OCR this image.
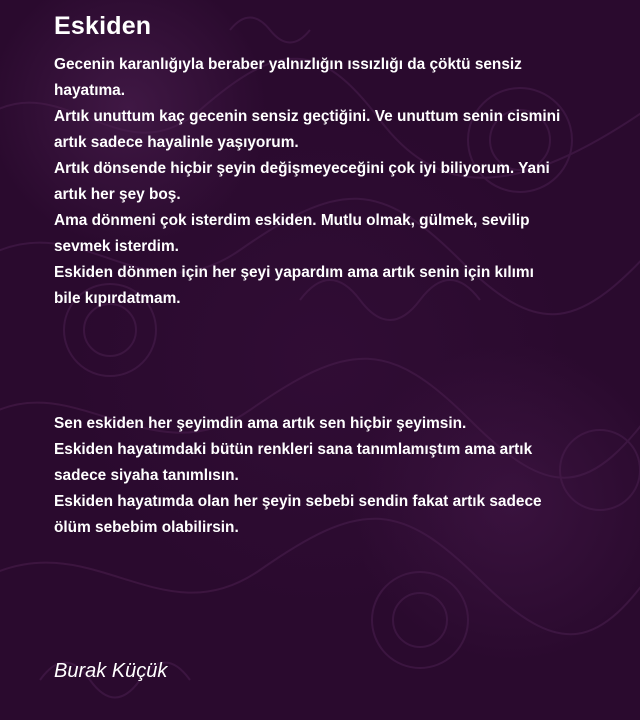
Eskiden
Gecenin karanlığıyla beraber yalnızlığın ıssızlığı da çöktü sensiz
hayatıma.
Artık unuttum kaç gecenin sensiz geçtiğini. Ve unuttum senin cismini
artık sadece hayalinle yaşıyorum.
Artık dönsende hiçbir şeyin değişmeyeceğini çok iyi biliyorum. Yani
artık her şey boş.
Ama dönmeni çok isterdim eskiden. Mutlu olmak, gülmek, sevilip
sevmek isterdim.
Eskiden dönmen için her şeyi yapardım ama artık senin için kılımı
bile kıpırdatmam.
Sen eskiden her şeyimdin ama artık sen hiçbir şeyimsin.
Eskiden hayatımdaki bütün renkleri sana tanımlamıştım ama artık
sadece siyaha tanımlısın.
Eskiden hayatımda olan her şeyin sebebi sendin fakat artık sadece
ölüm sebebim olabilirsin.

Burak Küçük
